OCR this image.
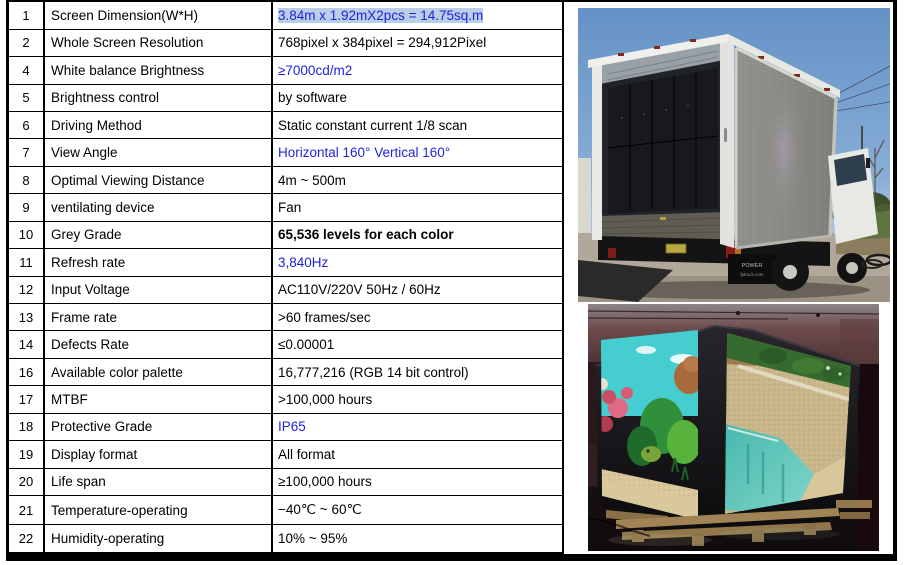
1	Screen Dimension(W*H)	3.84m x 1.92mX2pcs = 14.75sq.m
2	Whole Screen Resolution	768pixel x 384pixel = 294,912Pixel
4	White balance Brightness	≥7000cd/m2
5	Brightness control	by software
6	Driving Method	Static constant current 1/8 scan
7	View Angle	Horizontal 160° Vertical 160°
8	Optimal Viewing Distance	4m ~ 500m
9	ventilating device	Fan
10	Grey Grade	65,536 levels for each color
11	Refresh rate	3,840Hz
12	Input Voltage	AC110V/220V 50Hz / 60Hz
13	Frame rate	>60 frames/sec
14	Defects Rate	≤0.00001
16	Available color palette	16,777,216 (RGB 14 bit control)
17	MTBF	>100,000 hours
18	Protective Grade	IP65
19	Display format	All format
20	Life span	≥100,000 hours
21	Temperature-operating	−40℃ ~ 60℃
22	Humidity-operating	10% ~ 95%
POWER
lptruck.com
